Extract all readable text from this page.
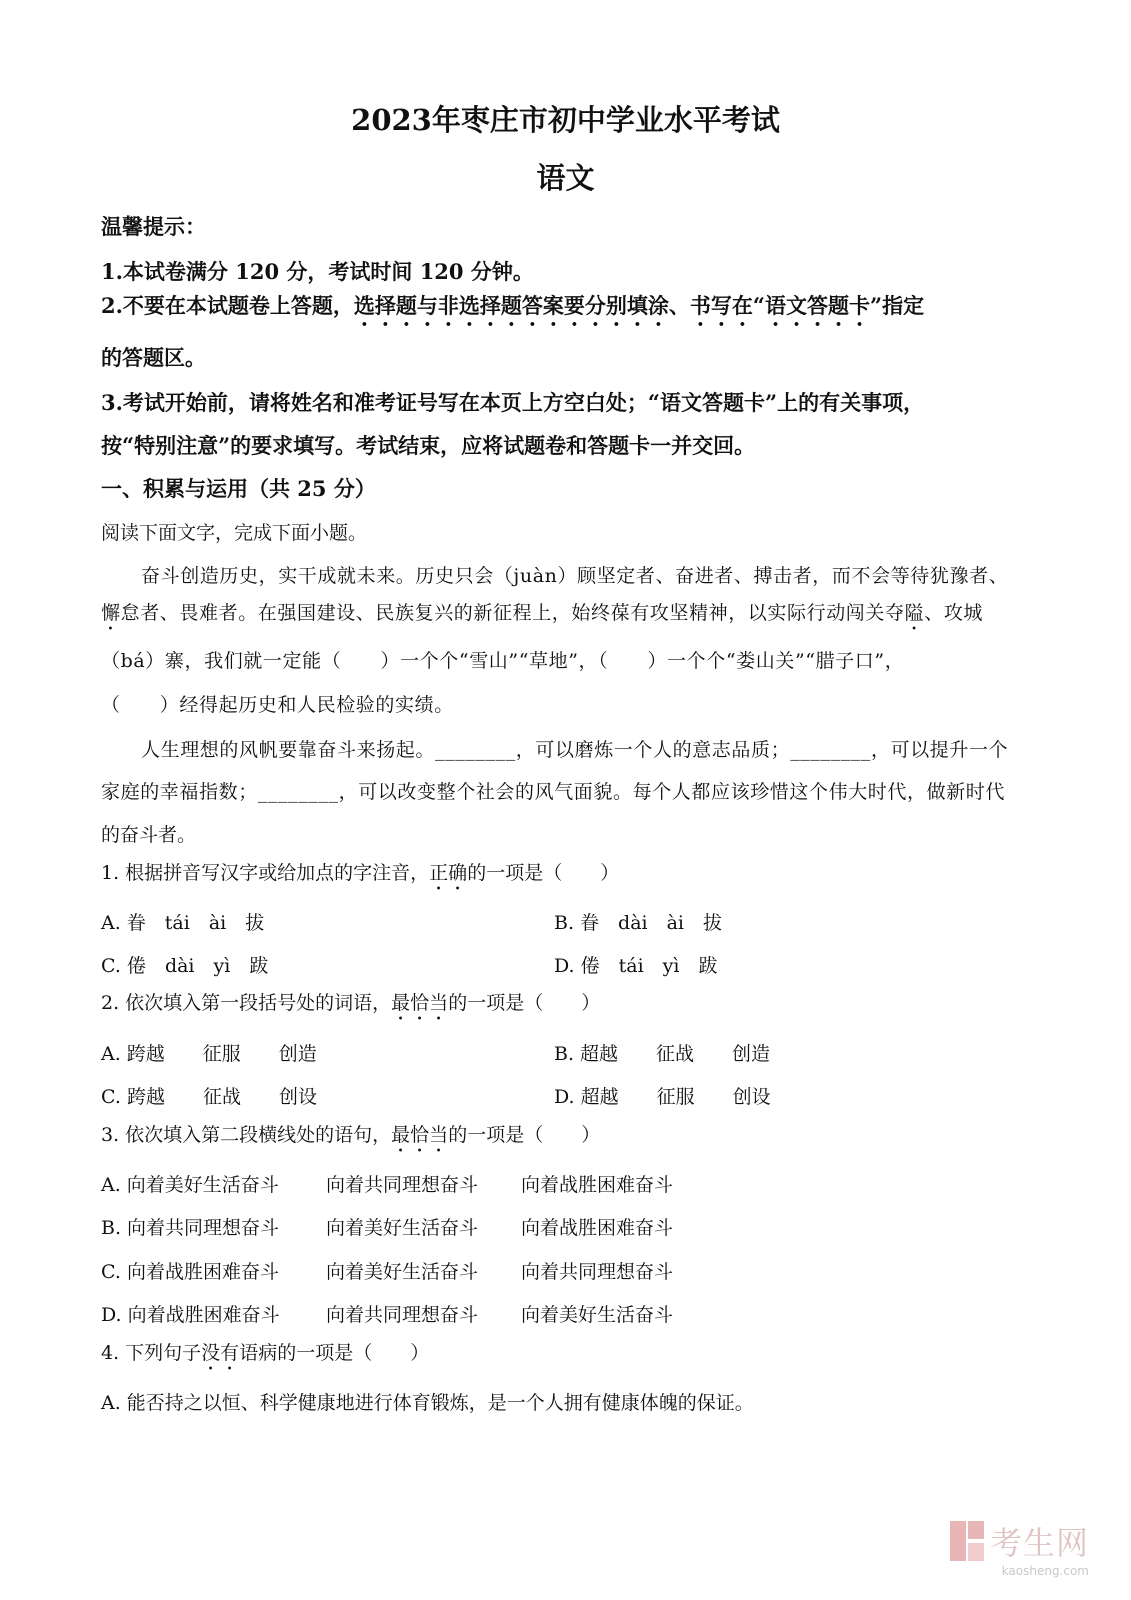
2023年枣庄市初中学业水平考试
语文
温馨提示：
1.本试卷满分 120 分，考试时间 120 分钟。
2.不要在本试题卷上答题，选择题与非选择题答案要分别填涂、书写在“语文答题卡”指定
的答题区。
3.考试开始前，请将姓名和准考证号写在本页上方空白处；“语文答题卡”上的有关事项，
按“特别注意”的要求填写。考试结束，应将试题卷和答题卡一并交回。
一、积累与运用（共 25 分）
阅读下面文字，完成下面小题。
奋斗创造历史，实干成就未来。历史只会（juàn）顾坚定者、奋进者、搏击者，而不会等待犹豫者、
懈怠者、畏难者。在强国建设、民族复兴的新征程上，始终葆有攻坚精神，以实际行动闯关夺隘、攻城
（bá）寨，我们就一定能（　　）一个个“雪山”“草地”，（　　）一个个“娄山关”“腊子口”，
（　　）经得起历史和人民检验的实绩。
人生理想的风帆要靠奋斗来扬起。________，可以磨炼一个人的意志品质；________，可以提升一个
家庭的幸福指数；________，可以改变整个社会的风气面貌。每个人都应该珍惜这个伟大时代，做新时代
的奋斗者。
1. 根据拼音写汉字或给加点的字注音，正确的一项是（　　）
A. 眷　tái　ài　拔	B. 眷　dài　ài　拔
C. 倦　dài　yì　跋	D. 倦　tái　yì　跋
2. 依次填入第一段括号处的词语，最恰当的一项是（　　）
A. 跨越　　征服　　创造	B. 超越　　征战　　创造
C. 跨越　　征战　　创设	D. 超越　　征服　　创设
3. 依次填入第二段横线处的语句，最恰当的一项是（　　）
A. 向着美好生活奋斗 向着共同理想奋斗 向着战胜困难奋斗
B. 向着共同理想奋斗 向着美好生活奋斗 向着战胜困难奋斗
C. 向着战胜困难奋斗 向着美好生活奋斗 向着共同理想奋斗
D. 向着战胜困难奋斗 向着共同理想奋斗 向着美好生活奋斗
4. 下列句子没有语病的一项是（　　）
A. 能否持之以恒、科学健康地进行体育锻炼，是一个人拥有健康体魄的保证。
考生网
kaosheng.com
